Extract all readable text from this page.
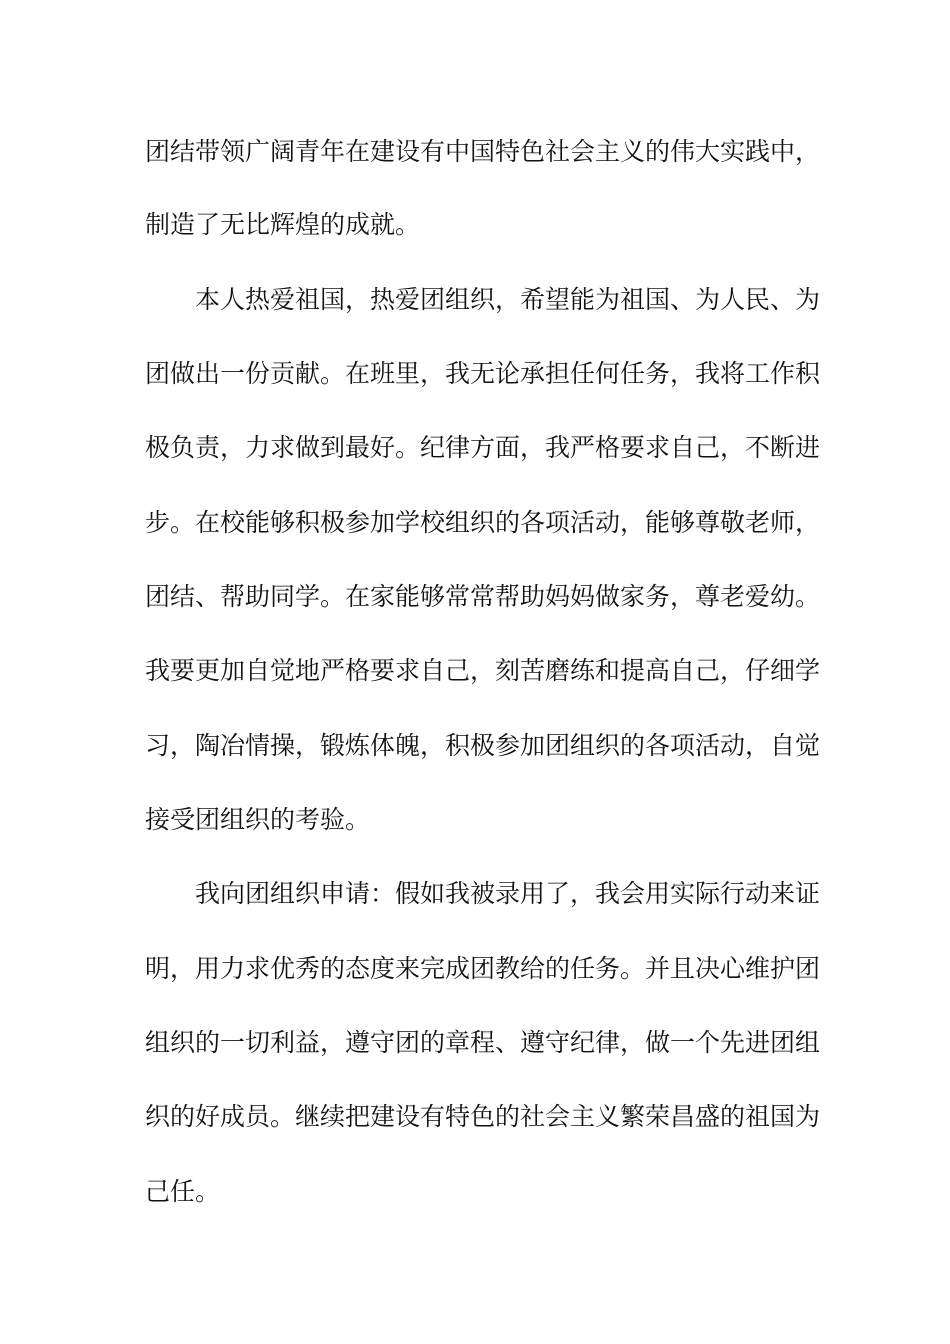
团结带领广阔青年在建设有中国特色社会主义的伟大实践中，
制造了无比辉煌的成就。
本人热爱祖国，热爱团组织，希望能为祖国、为人民、为
团做出一份贡献。在班里，我无论承担任何任务，我将工作积
极负责，力求做到最好。纪律方面，我严格要求自己，不断进
步。在校能够积极参加学校组织的各项活动，能够尊敬老师，
团结、帮助同学。在家能够常常帮助妈妈做家务，尊老爱幼。
我要更加自觉地严格要求自己，刻苦磨练和提高自己，仔细学
习，陶冶情操，锻炼体魄，积极参加团组织的各项活动，自觉
接受团组织的考验。
我向团组织申请：假如我被录用了，我会用实际行动来证
明，用力求优秀的态度来完成团教给的任务。并且决心维护团
组织的一切利益，遵守团的章程、遵守纪律，做一个先进团组
织的好成员。继续把建设有特色的社会主义繁荣昌盛的祖国为
己任。
